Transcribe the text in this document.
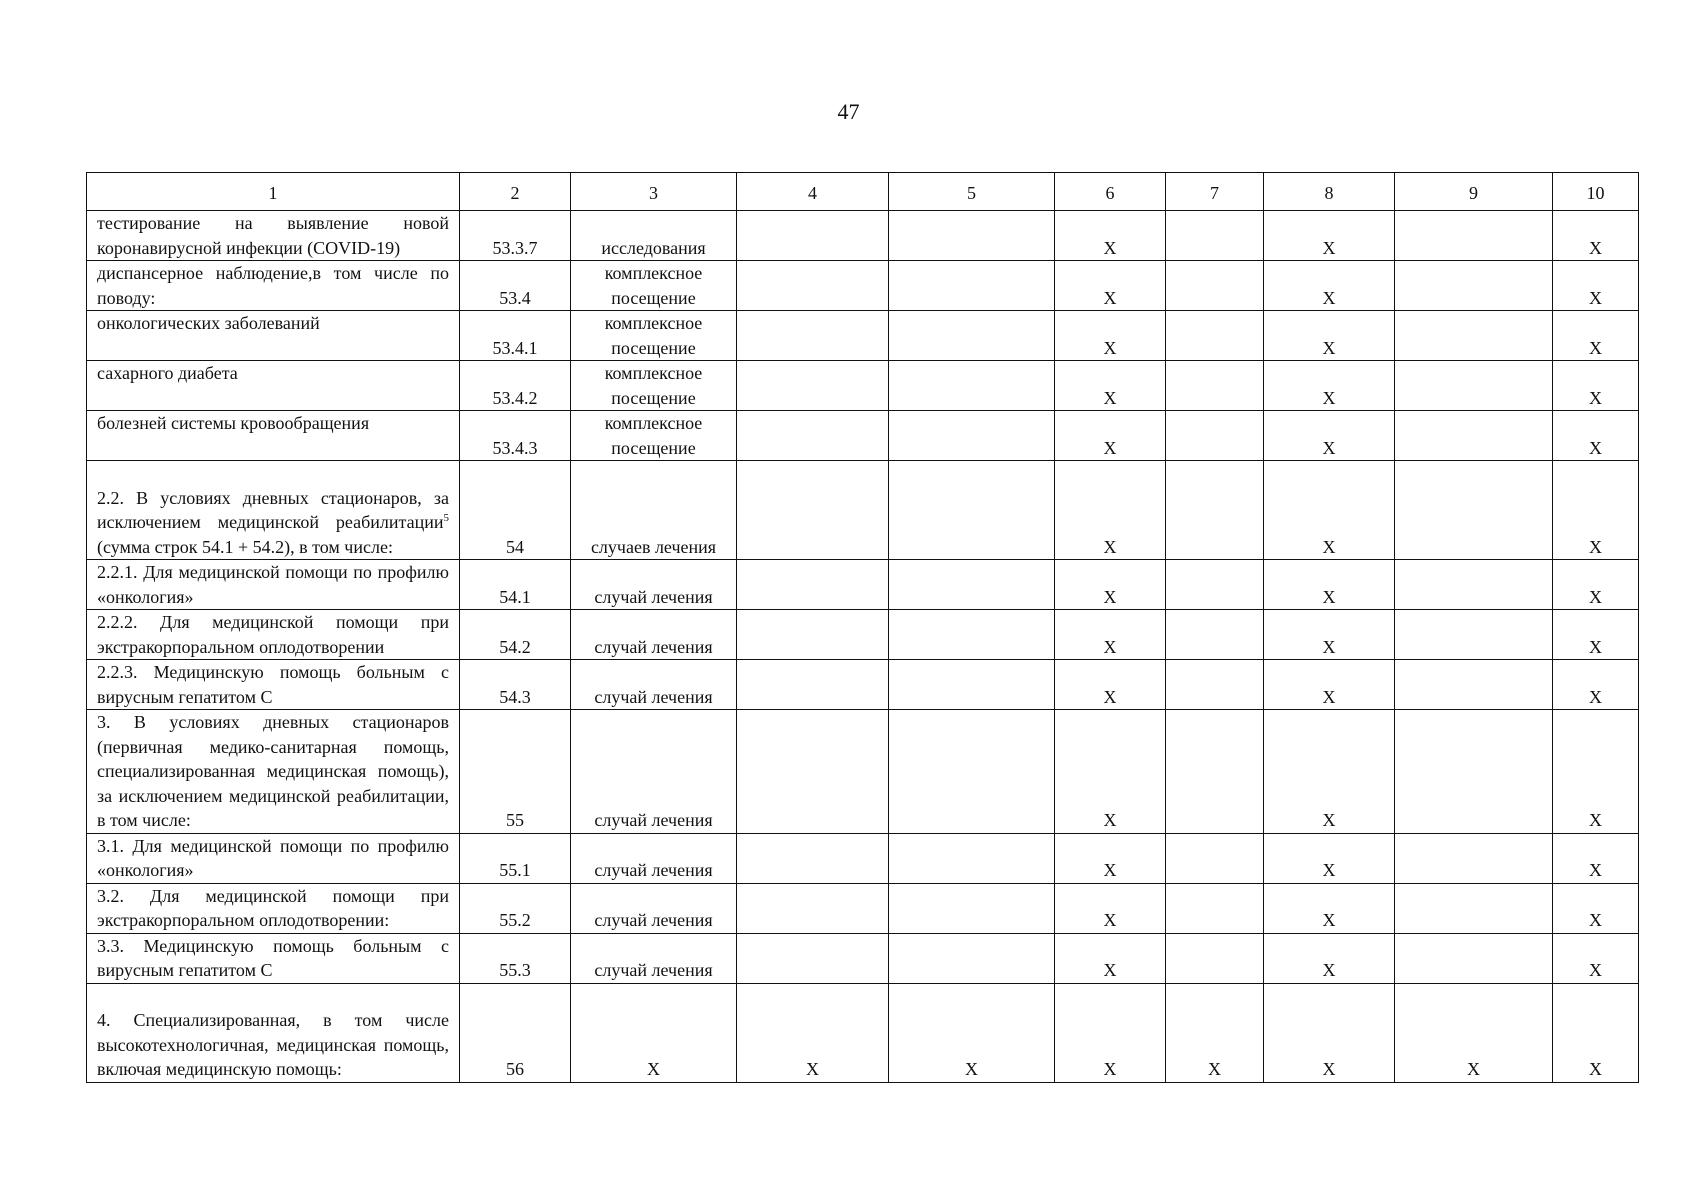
47
1	2	3	4	5	6	7	8	9	10
тестирование на выявление новой коронавирусной инфекции (COVID-19)	53.3.7	исследования			Х		Х		Х
диспансерное наблюдение,в том числе по поводу:	53.4	комплексное посещение			Х		Х		Х
онкологических заболеваний	53.4.1	комплексное посещение			Х		Х		Х
сахарного диабета	53.4.2	комплексное посещение			Х		Х		Х
болезней системы кровообращения	53.4.3	комплексное посещение			Х		Х		Х
2.2. В условиях дневных стационаров, за исключением медицинской реабилитации$^5$ (сумма строк 54.1 + 54.2), в том числе:	54	случаев лечения			Х		Х		Х
2.2.1. Для медицинской помощи по профилю «онкология»	54.1	случай лечения			Х		Х		Х
2.2.2. Для медицинской помощи при экстракорпоральном оплодотворении	54.2	случай лечения			Х		Х		Х
2.2.3. Медицинскую помощь больным с вирусным гепатитом С	54.3	случай лечения			Х		Х		Х
3. В условиях дневных стационаров (первичная медико-санитарная помощь, специализированная медицинская помощь), за исключением медицинской реабилитации, в том числе:	55	случай лечения			Х		Х		Х
3.1. Для медицинской помощи по профилю «онкология»	55.1	случай лечения			Х		Х		Х
3.2. Для медицинской помощи при экстракорпоральном оплодотворении:	55.2	случай лечения			Х		Х		Х
3.3. Медицинскую помощь больным с вирусным гепатитом С	55.3	случай лечения			Х		Х		Х
4. Специализированная, в том числе высокотехнологичная, медицинская помощь, включая медицинскую помощь:	56	Х	Х	Х	Х	Х	Х	Х	Х
